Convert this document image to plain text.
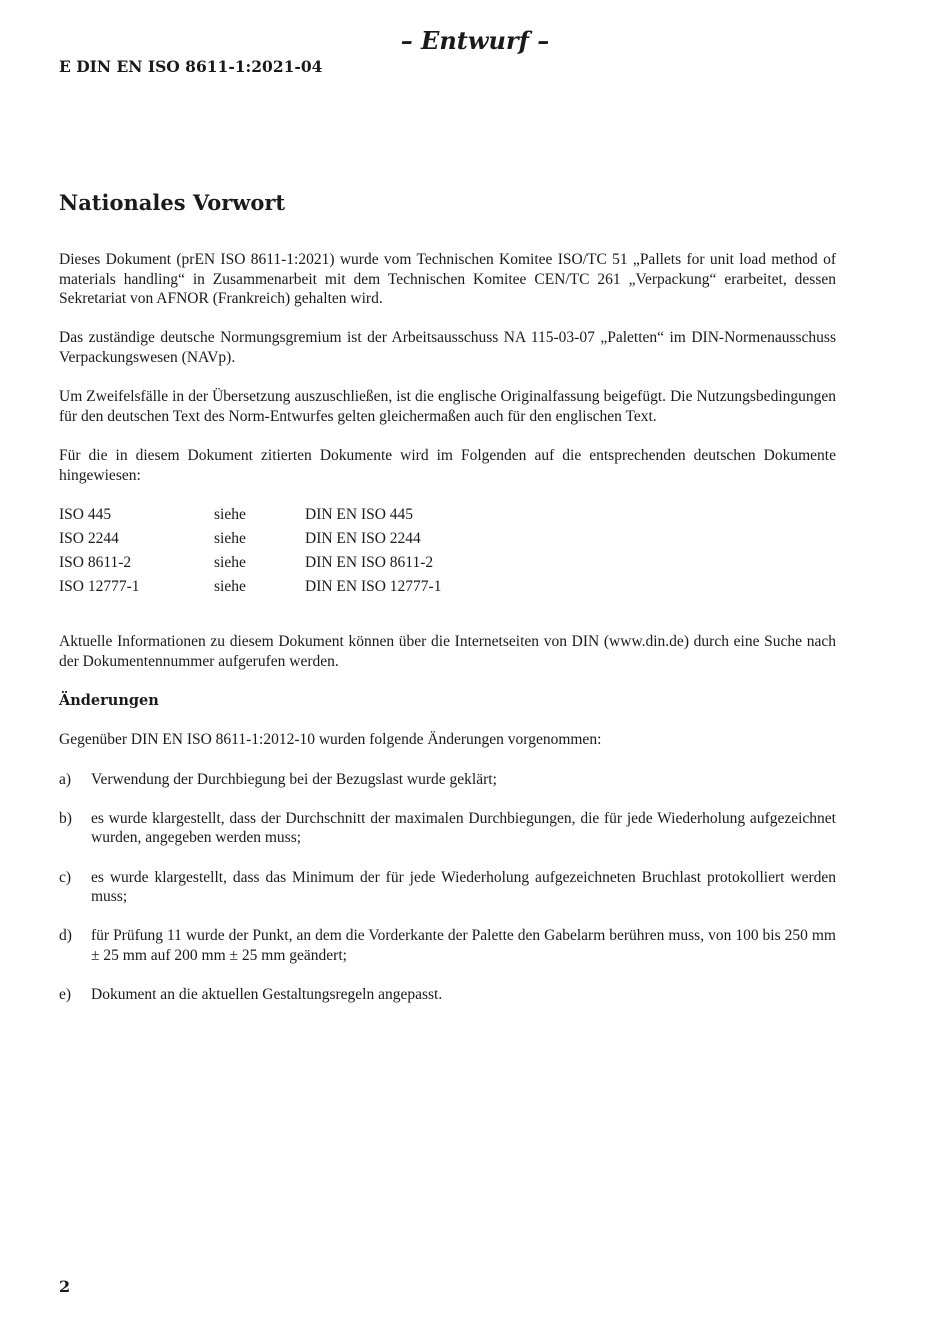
– Entwurf –

E DIN EN ISO 8611-1:2021-04

Nationales Vorwort

Dieses Dokument (prEN ISO 8611-1:2021) wurde vom Technischen Komitee ISO/TC 51 „Pallets for unit load method of materials handling“ in Zusammenarbeit mit dem Technischen Komitee CEN/TC 261 „Verpackung“ erarbeitet, dessen Sekretariat von AFNOR (Frankreich) gehalten wird.

Das zuständige deutsche Normungsgremium ist der Arbeitsausschuss NA 115-03-07 „Paletten“ im DIN-Normenausschuss Verpackungswesen (NAVp).

Um Zweifelsfälle in der Übersetzung auszuschließen, ist die englische Originalfassung beigefügt. Die Nutzungsbedingungen für den deutschen Text des Norm-Entwurfes gelten gleichermaßen auch für den englischen Text.

Für die in diesem Dokument zitierten Dokumente wird im Folgenden auf die entsprechenden deutschen Dokumente hingewiesen:

ISO 445	siehe	DIN EN ISO 445
ISO 2244	siehe	DIN EN ISO 2244
ISO 8611-2	siehe	DIN EN ISO 8611-2
ISO 12777-1	siehe	DIN EN ISO 12777-1

Aktuelle Informationen zu diesem Dokument können über die Internetseiten von DIN (www.din.de) durch eine Suche nach der Dokumentennummer aufgerufen werden.

Änderungen

Gegenüber DIN EN ISO 8611-1:2012-10 wurden folgende Änderungen vorgenommen:

a) Verwendung der Durchbiegung bei der Bezugslast wurde geklärt;
b) es wurde klargestellt, dass der Durchschnitt der maximalen Durchbiegungen, die für jede Wiederholung aufgezeichnet wurden, angegeben werden muss;
c) es wurde klargestellt, dass das Minimum der für jede Wiederholung aufgezeichneten Bruchlast protokolliert werden muss;
d) für Prüfung 11 wurde der Punkt, an dem die Vorderkante der Palette den Gabelarm berühren muss, von 100 bis 250 mm ± 25 mm auf 200 mm ± 25 mm geändert;
e) Dokument an die aktuellen Gestaltungsregeln angepasst.

2
